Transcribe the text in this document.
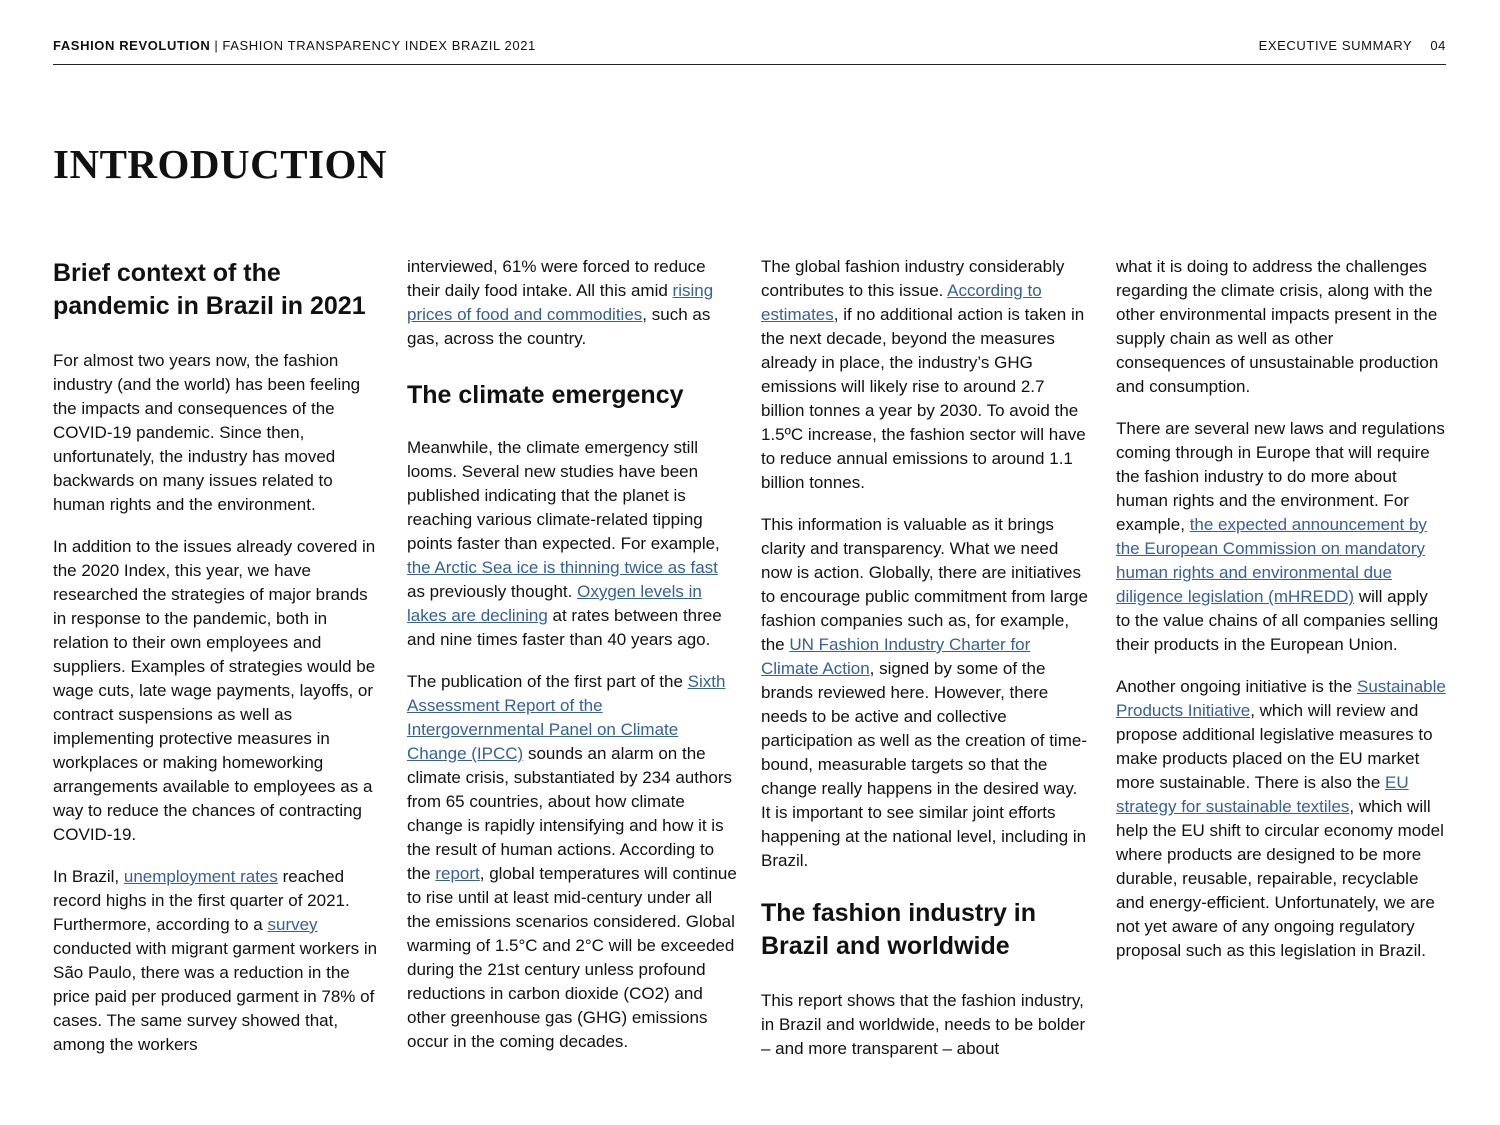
FASHION REVOLUTION | FASHION TRANSPARENCY INDEX BRAZIL 2021	EXECUTIVE SUMMARY 04
INTRODUCTION
Brief context of the pandemic in Brazil in 2021

For almost two years now, the fashion industry (and the world) has been feeling the impacts and consequences of the COVID-19 pandemic. Since then, unfortunately, the industry has moved backwards on many issues related to human rights and the environment.

In addition to the issues already covered in the 2020 Index, this year, we have researched the strategies of major brands in response to the pandemic, both in relation to their own employees and suppliers. Examples of strategies would be wage cuts, late wage payments, layoffs, or contract suspensions as well as implementing protective measures in workplaces or making homeworking arrangements available to employees as a way to reduce the chances of contracting COVID-19.

In Brazil, unemployment rates reached record highs in the first quarter of 2021. Furthermore, according to a survey conducted with migrant garment workers in São Paulo, there was a reduction in the price paid per produced garment in 78% of cases. The same survey showed that, among the workers

interviewed, 61% were forced to reduce their daily food intake. All this amid rising prices of food and commodities, such as gas, across the country.

The climate emergency

Meanwhile, the climate emergency still looms. Several new studies have been published indicating that the planet is reaching various climate-related tipping points faster than expected. For example, the Arctic Sea ice is thinning twice as fast as previously thought. Oxygen levels in lakes are declining at rates between three and nine times faster than 40 years ago.

The publication of the first part of the Sixth Assessment Report of the Intergovernmental Panel on Climate Change (IPCC) sounds an alarm on the climate crisis, substantiated by 234 authors from 65 countries, about how climate change is rapidly intensifying and how it is the result of human actions. According to the report, global temperatures will continue to rise until at least mid-century under all the emissions scenarios considered. Global warming of 1.5°C and 2°C will be exceeded during the 21st century unless profound reductions in carbon dioxide (CO2) and other greenhouse gas (GHG) emissions occur in the coming decades.

The global fashion industry considerably contributes to this issue. According to estimates, if no additional action is taken in the next decade, beyond the measures already in place, the industry’s GHG emissions will likely rise to around 2.7 billion tonnes a year by 2030. To avoid the 1.5ºC increase, the fashion sector will have to reduce annual emissions to around 1.1 billion tonnes.

This information is valuable as it brings clarity and transparency. What we need now is action. Globally, there are initiatives to encourage public commitment from large fashion companies such as, for example, the UN Fashion Industry Charter for Climate Action, signed by some of the brands reviewed here. However, there needs to be active and collective participation as well as the creation of time-bound, measurable targets so that the change really happens in the desired way. It is important to see similar joint efforts happening at the national level, including in Brazil.

The fashion industry in Brazil and worldwide

This report shows that the fashion industry, in Brazil and worldwide, needs to be bolder – and more transparent – about

what it is doing to address the challenges regarding the climate crisis, along with the other environmental impacts present in the supply chain as well as other consequences of unsustainable production and consumption.

There are several new laws and regulations coming through in Europe that will require the fashion industry to do more about human rights and the environment. For example, the expected announcement by the European Commission on mandatory human rights and environmental due diligence legislation (mHREDD) will apply to the value chains of all companies selling their products in the European Union.

Another ongoing initiative is the Sustainable Products Initiative, which will review and propose additional legislative measures to make products placed on the EU market more sustainable. There is also the EU strategy for sustainable textiles, which will help the EU shift to circular economy model where products are designed to be more durable, reusable, repairable, recyclable and energy-efficient. Unfortunately, we are not yet aware of any ongoing regulatory proposal such as this legislation in Brazil.
